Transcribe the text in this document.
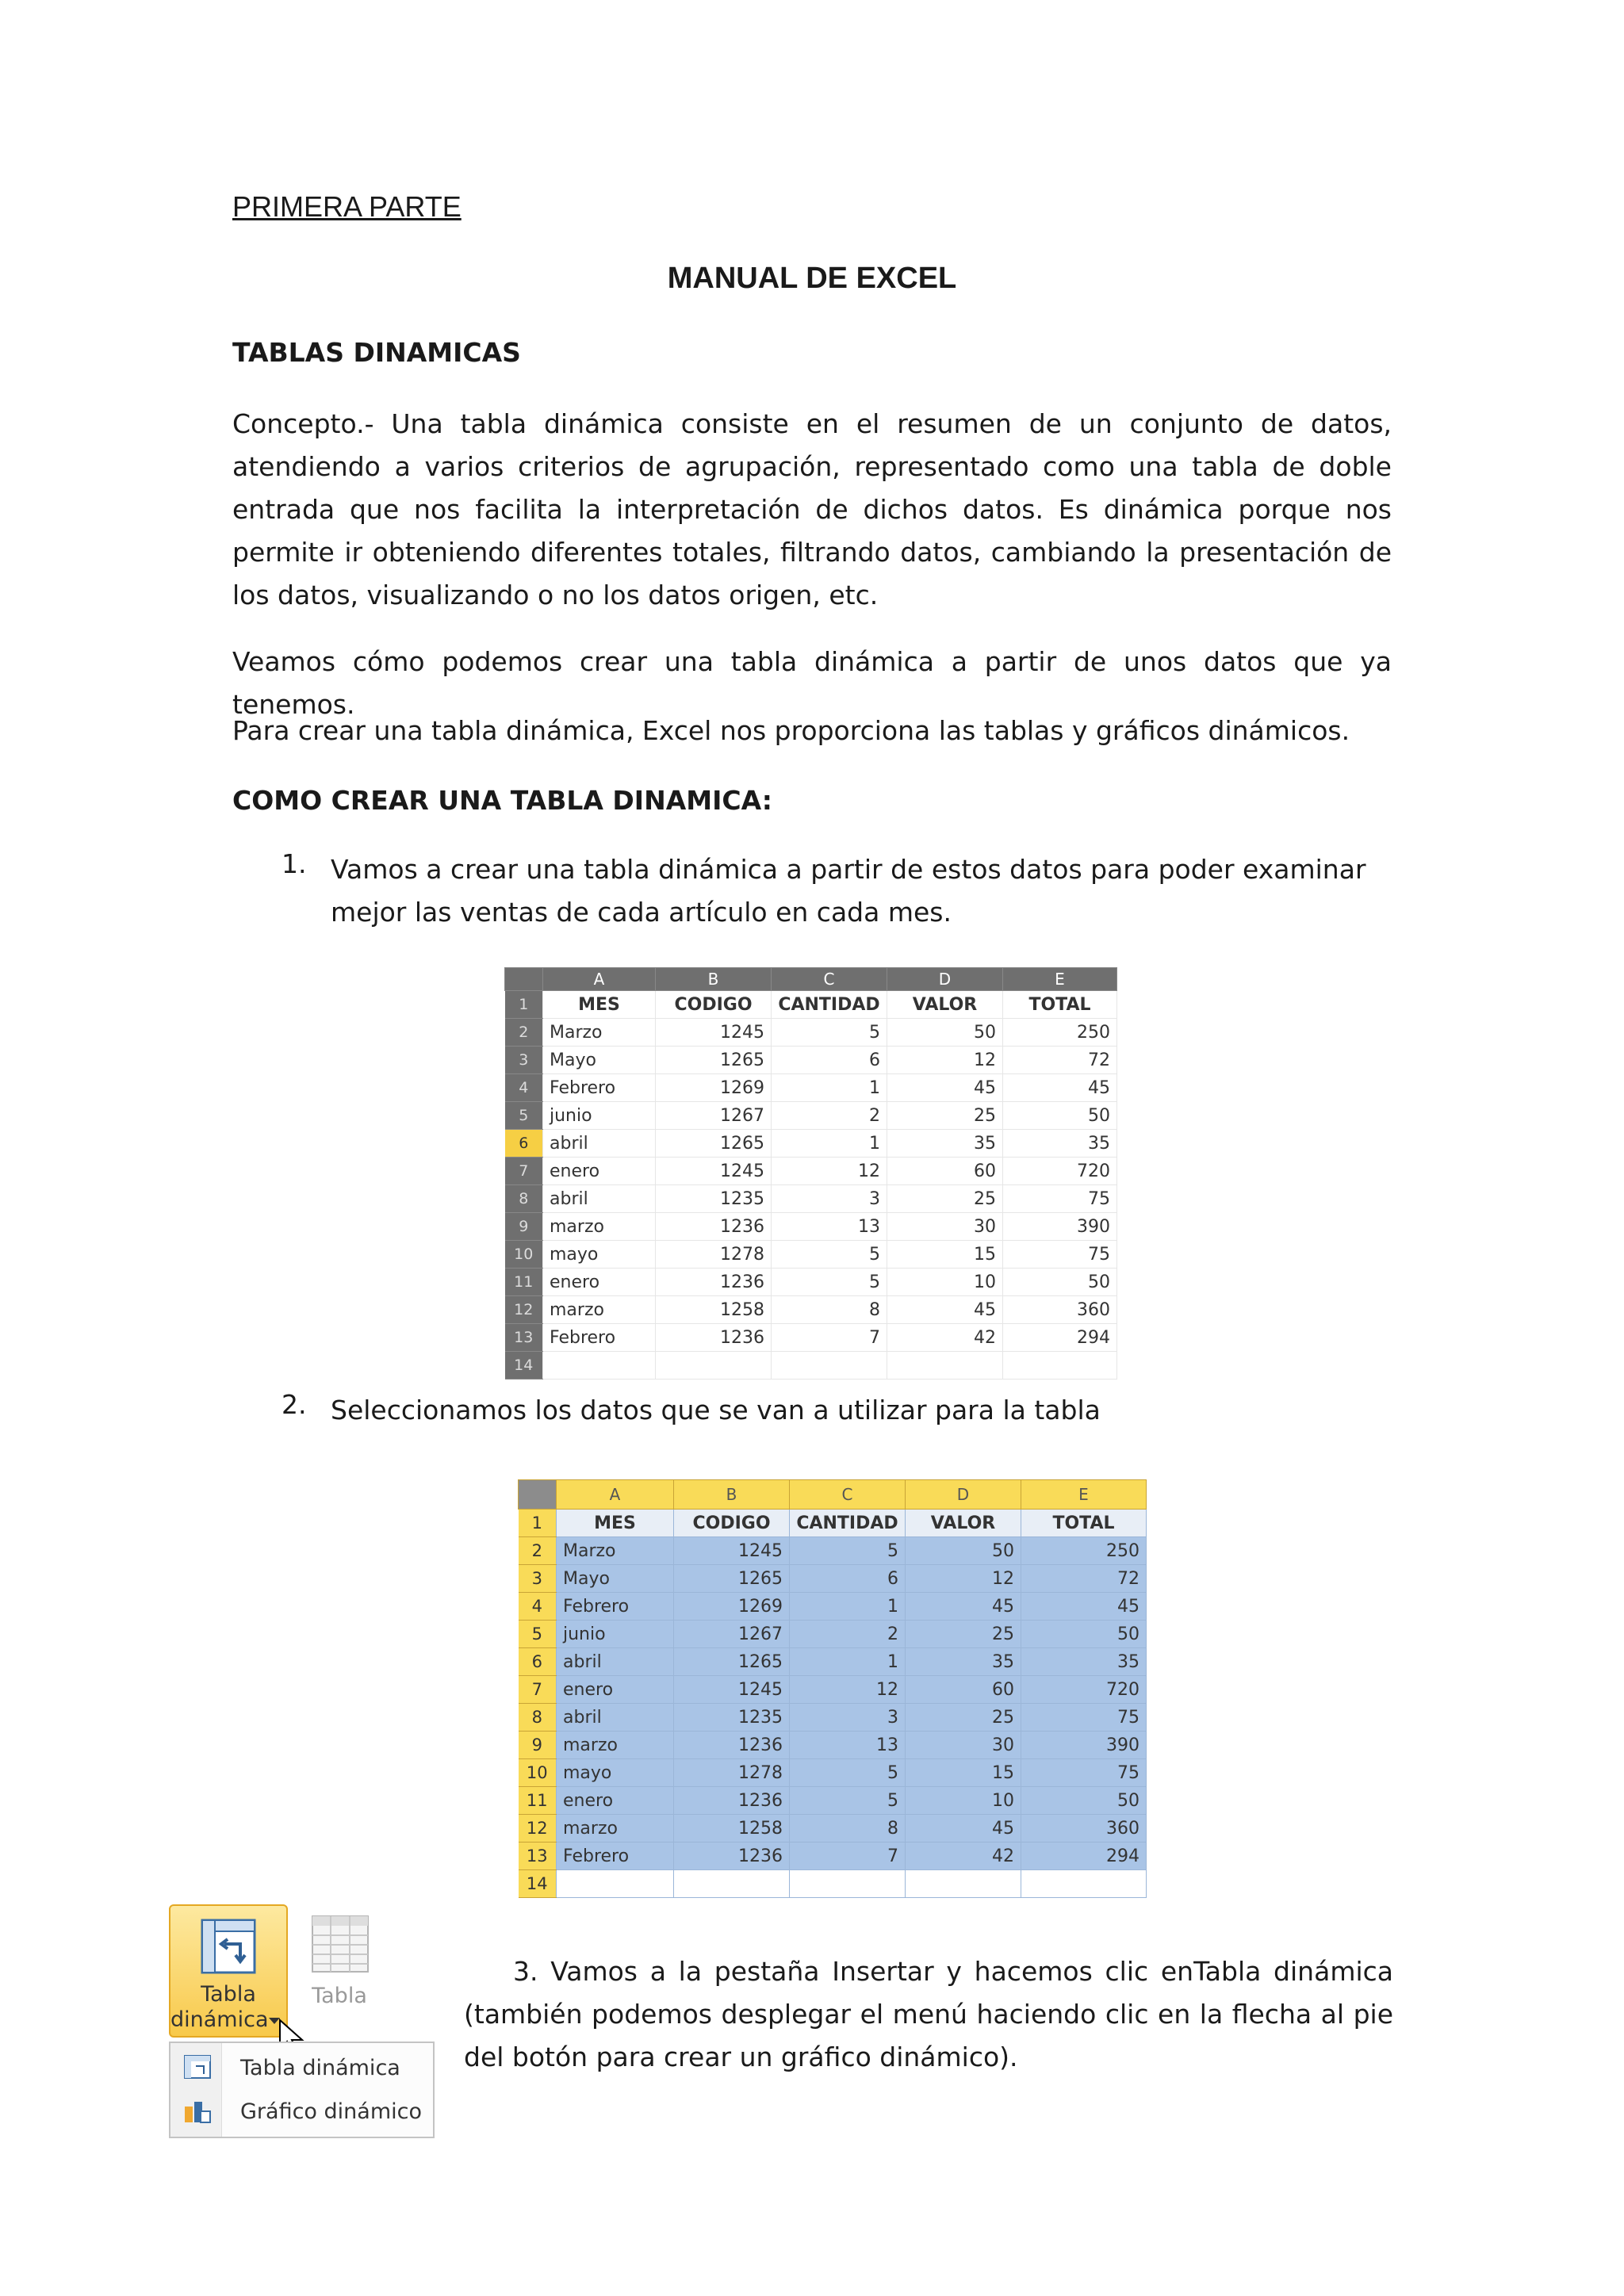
PRIMERA PARTE
MANUAL DE EXCEL
TABLAS DINAMICAS
Concepto.- Una tabla dinámica consiste en el resumen de un conjunto de datos, atendiendo a varios criterios de agrupación, representado como una tabla de doble entrada que nos facilita la interpretación de dichos datos. Es dinámica porque nos permite ir obteniendo diferentes totales, filtrando datos, cambiando la presentación de los datos, visualizando o no los datos origen, etc.
Veamos cómo podemos crear una tabla dinámica a partir de unos datos que ya tenemos.
Para crear una tabla dinámica, Excel nos proporciona las tablas y gráficos dinámicos.
COMO CREAR UNA TABLA DINAMICA:
1. Vamos a crear una tabla dinámica a partir de estos datos para poder examinar mejor las ventas de cada artículo en cada mes.
	A	B	C	D	E
1	MES	CODIGO	CANTIDAD	VALOR	TOTAL
2	Marzo	1245	5	50	250
3	Mayo	1265	6	12	72
4	Febrero	1269	1	45	45
5	junio	1267	2	25	50
6	abril	1265	1	35	35
7	enero	1245	12	60	720
8	abril	1235	3	25	75
9	marzo	1236	13	30	390
10	mayo	1278	5	15	75
11	enero	1236	5	10	50
12	marzo	1258	8	45	360
13	Febrero	1236	7	42	294
14					
2. Seleccionamos los datos que se van a utilizar para la tabla
	A	B	C	D	E
1	MES	CODIGO	CANTIDAD	VALOR	TOTAL
2	Marzo	1245	5	50	250
3	Mayo	1265	6	12	72
4	Febrero	1269	1	45	45
5	junio	1267	2	25	50
6	abril	1265	1	35	35
7	enero	1245	12	60	720
8	abril	1235	3	25	75
9	marzo	1236	13	30	390
10	mayo	1278	5	15	75
11	enero	1236	5	10	50
12	marzo	1258	8	45	360
13	Febrero	1236	7	42	294
14					
Tabla
dinámica
Tabla
Tabla dinámica
Gráfico dinámico
3. Vamos a la pestaña Insertar y hacemos clic enTabla dinámica (también podemos desplegar el menú haciendo clic en la flecha al pie del botón para crear un gráfico dinámico).
